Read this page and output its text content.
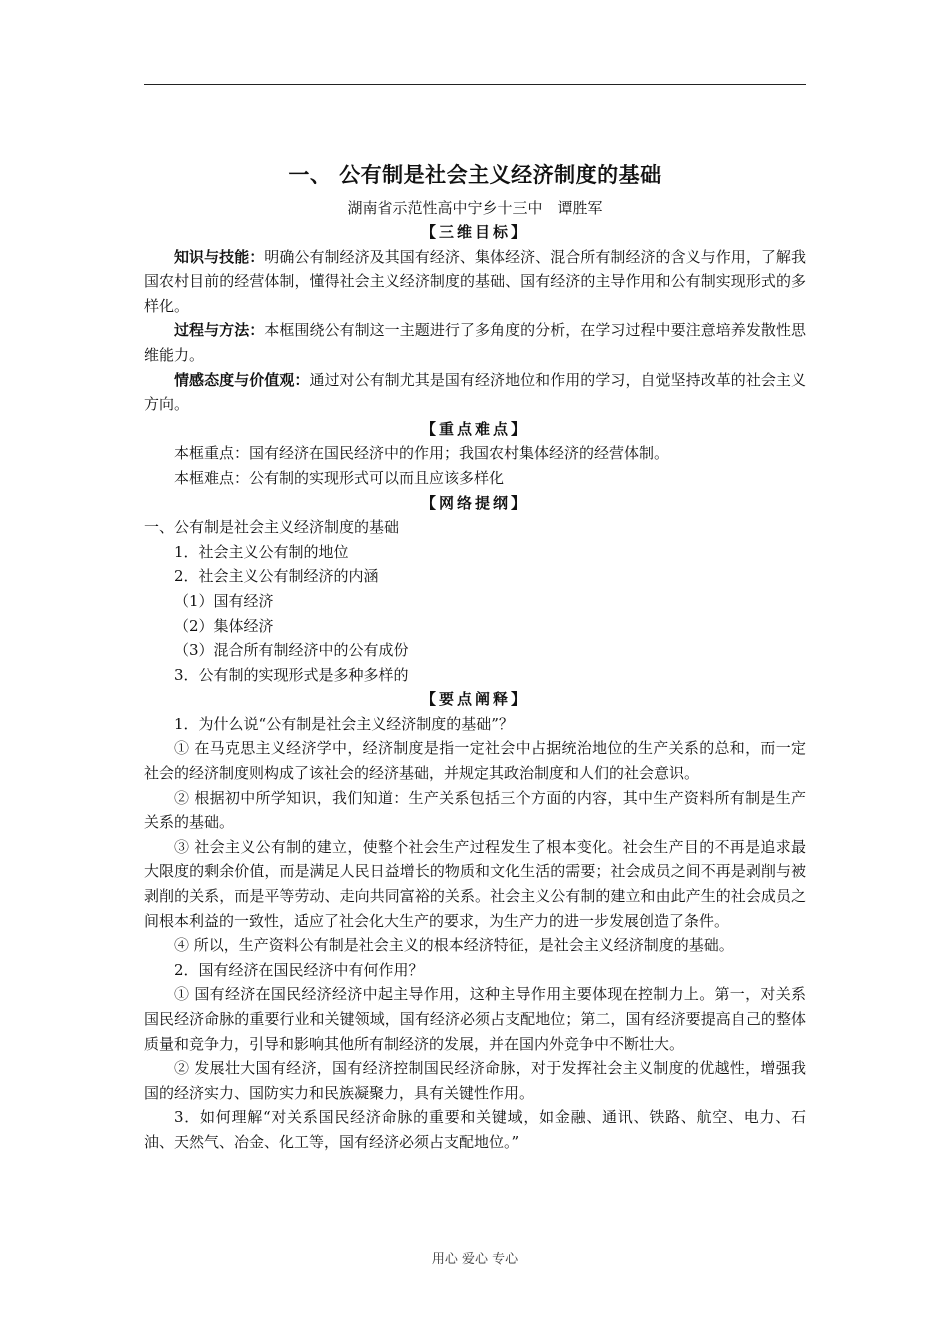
一、 公有制是社会主义经济制度的基础
湖南省示范性高中宁乡十三中　谭胜军
【三维目标】

知识与技能：明确公有制经济及其国有经济、集体经济、混合所有制经济的含义与作用，了解我国农村目前的经营体制，懂得社会主义经济制度的基础、国有经济的主导作用和公有制实现形式的多样化。

过程与方法：本框围绕公有制这一主题进行了多角度的分析，在学习过程中要注意培养发散性思维能力。

情感态度与价值观：通过对公有制尤其是国有经济地位和作用的学习，自觉坚持改革的社会主义方向。

【重点难点】

本框重点：国有经济在国民经济中的作用；我国农村集体经济的经营体制。

本框难点：公有制的实现形式可以而且应该多样化

【网络提纲】

一、公有制是社会主义经济制度的基础

1．社会主义公有制的地位

2．社会主义公有制经济的内涵

（1）国有经济

（2）集体经济

（3）混合所有制经济中的公有成份

3．公有制的实现形式是多种多样的

【要点阐释】

1．为什么说“公有制是社会主义经济制度的基础”？

① 在马克思主义经济学中，经济制度是指一定社会中占据统治地位的生产关系的总和，而一定社会的经济制度则构成了该社会的经济基础，并规定其政治制度和人们的社会意识。

② 根据初中所学知识，我们知道：生产关系包括三个方面的内容，其中生产资料所有制是生产关系的基础。

③ 社会主义公有制的建立，使整个社会生产过程发生了根本变化。社会生产目的不再是追求最大限度的剩余价值，而是满足人民日益增长的物质和文化生活的需要；社会成员之间不再是剥削与被剥削的关系，而是平等劳动、走向共同富裕的关系。社会主义公有制的建立和由此产生的社会成员之间根本利益的一致性，适应了社会化大生产的要求，为生产力的进一步发展创造了条件。

④ 所以，生产资料公有制是社会主义的根本经济特征，是社会主义经济制度的基础。

2．国有经济在国民经济中有何作用？

① 国有经济在国民经济经济中起主导作用，这种主导作用主要体现在控制力上。第一，对关系国民经济命脉的重要行业和关键领域，国有经济必须占支配地位；第二，国有经济要提高自己的整体质量和竞争力，引导和影响其他所有制经济的发展，并在国内外竞争中不断壮大。

② 发展壮大国有经济，国有经济控制国民经济命脉，对于发挥社会主义制度的优越性，增强我国的经济实力、国防实力和民族凝聚力，具有关键性作用。

3．如何理解“对关系国民经济命脉的重要和关键域，如金融、通讯、铁路、航空、电力、石油、天然气、冶金、化工等，国有经济必须占支配地位。”

用心 爱心 专心
